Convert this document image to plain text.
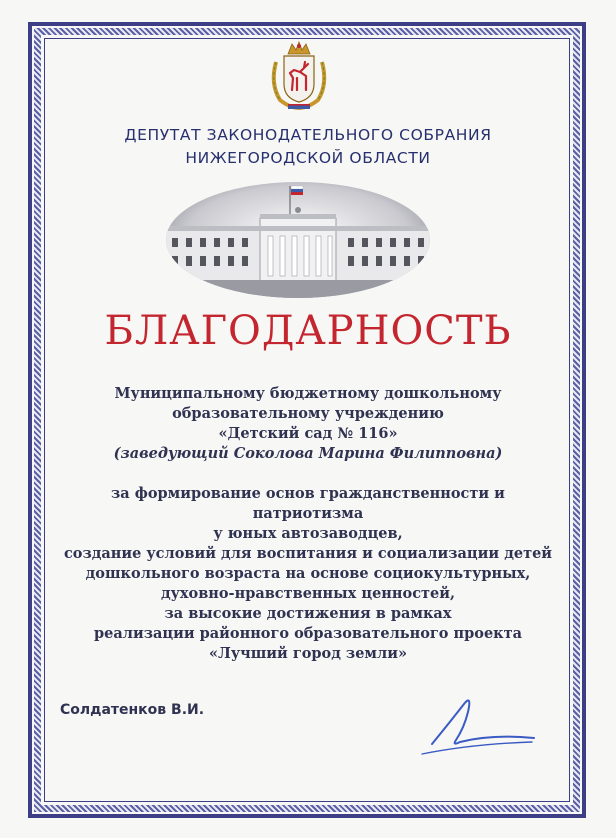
ДЕПУТАТ ЗАКОНОДАТЕЛЬНОГО СОБРАНИЯ
НИЖЕГОРОДСКОЙ ОБЛАСТИ
БЛАГОДАРНОСТЬ
Муниципальному бюджетному дошкольному
образовательному учреждению
«Детский сад № 116»
(заведующий Соколова Марина Филипповна)
за формирование основ гражданственности и патриотизма
у юных автозаводцев,
создание условий для воспитания и социализации детей
дошкольного возраста на основе социокультурных,
духовно-нравственных ценностей,
за высокие достижения в рамках
реализации районного образовательного проекта
«Лучший город земли»
Солдатенков В.И.
